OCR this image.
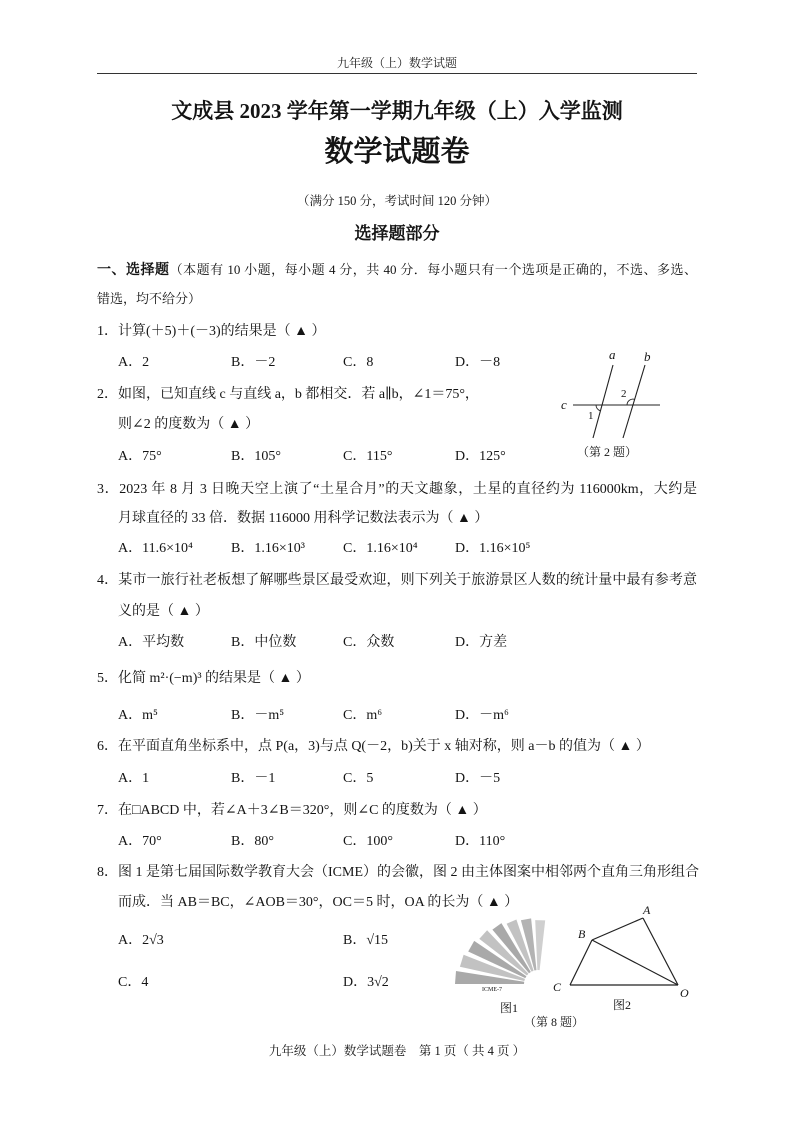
九年级（上）数学试题
文成县 2023 学年第一学期九年级（上）入学监测
数学试题卷
（满分 150 分，考试时间 120 分钟）
选择题部分
一、选择题（本题有 10 小题，每小题 4 分，共 40 分．每小题只有一个选项是正确的，不选、多选、
错选，均不给分）
1．计算(＋5)＋(－3)的结果是（ ▲ ）
A．2	B．－2	C．8	D．－8
2．如图，已知直线 c 与直线 a，b 都相交．若 a∥b，∠1＝75°，
则∠2 的度数为（ ▲ ）
A．75°	B．105°	C．115°	D．125°
a b
c
1
2
（第 2 题）
3．2023 年 8 月 3 日晚天空上演了“土星合月”的天文趣象，土星的直径约为 116000km，大约是
月球直径的 33 倍．数据 116000 用科学记数法表示为（ ▲ ）
A．11.6×10⁴	B．1.16×10³	C．1.16×10⁴	D．1.16×10⁵
4．某市一旅行社老板想了解哪些景区最受欢迎，则下列关于旅游景区人数的统计量中最有参考意
义的是（ ▲ ）
A．平均数	B．中位数	C．众数	D．方差
5．化简 m²·(−m)³ 的结果是（ ▲ ）
A．m⁵	B．－m⁵	C．m⁶	D．－m⁶
6．在平面直角坐标系中，点 P(a，3)与点 Q(－2，b)关于 x 轴对称，则 a－b 的值为（ ▲ ）
A．1	B．－1	C．5	D．－5
7．在□ABCD 中，若∠A＋3∠B＝320°，则∠C 的度数为（ ▲ ）
A．70°	B．80°	C．100°	D．110°
8．图 1 是第七届国际数学教育大会（ICME）的会徽，图 2 由主体图案中相邻两个直角三角形组合
而成．当 AB＝BC，∠AOB＝30°，OC＝5 时，OA 的长为（ ▲ ）
A．2√3	B．√15
C．4	D．3√2	ICME-7
A
B
C	O
图1	图2
（第 8 题）
九年级（上）数学试题卷　第 1 页（ 共 4 页 ）
